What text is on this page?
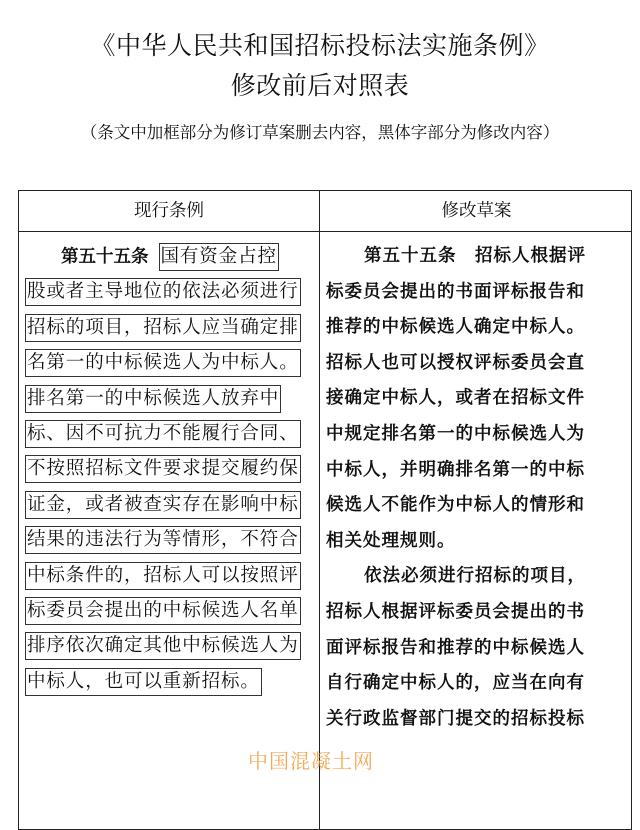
《中华人民共和国招标投标法实施条例》
修改前后对照表
（条文中加框部分为修订草案删去内容，黑体字部分为修改内容）
现行条例	修改草案
第五十五条 国有资金占控
股或者主导地位的依法必须进行
招标的项目，招标人应当确定排
名第一的中标候选人为中标人。
排名第一的中标候选人放弃中
标、因不可抗力不能履行合同、
不按照招标文件要求提交履约保
证金，或者被查实存在影响中标
结果的违法行为等情形，不符合
中标条件的，招标人可以按照评
标委员会提出的中标候选人名单
排序依次确定其他中标候选人为
中标人，也可以重新招标。
第五十五条　招标人根据评
标委员会提出的书面评标报告和
推荐的中标候选人确定中标人。
招标人也可以授权评标委员会直
接确定中标人，或者在招标文件
中规定排名第一的中标候选人为
中标人，并明确排名第一的中标
候选人不能作为中标人的情形和
相关处理规则。
依法必须进行招标的项目，
招标人根据评标委员会提出的书
面评标报告和推荐的中标候选人
自行确定中标人的，应当在向有
关行政监督部门提交的招标投标
中国混凝土网
